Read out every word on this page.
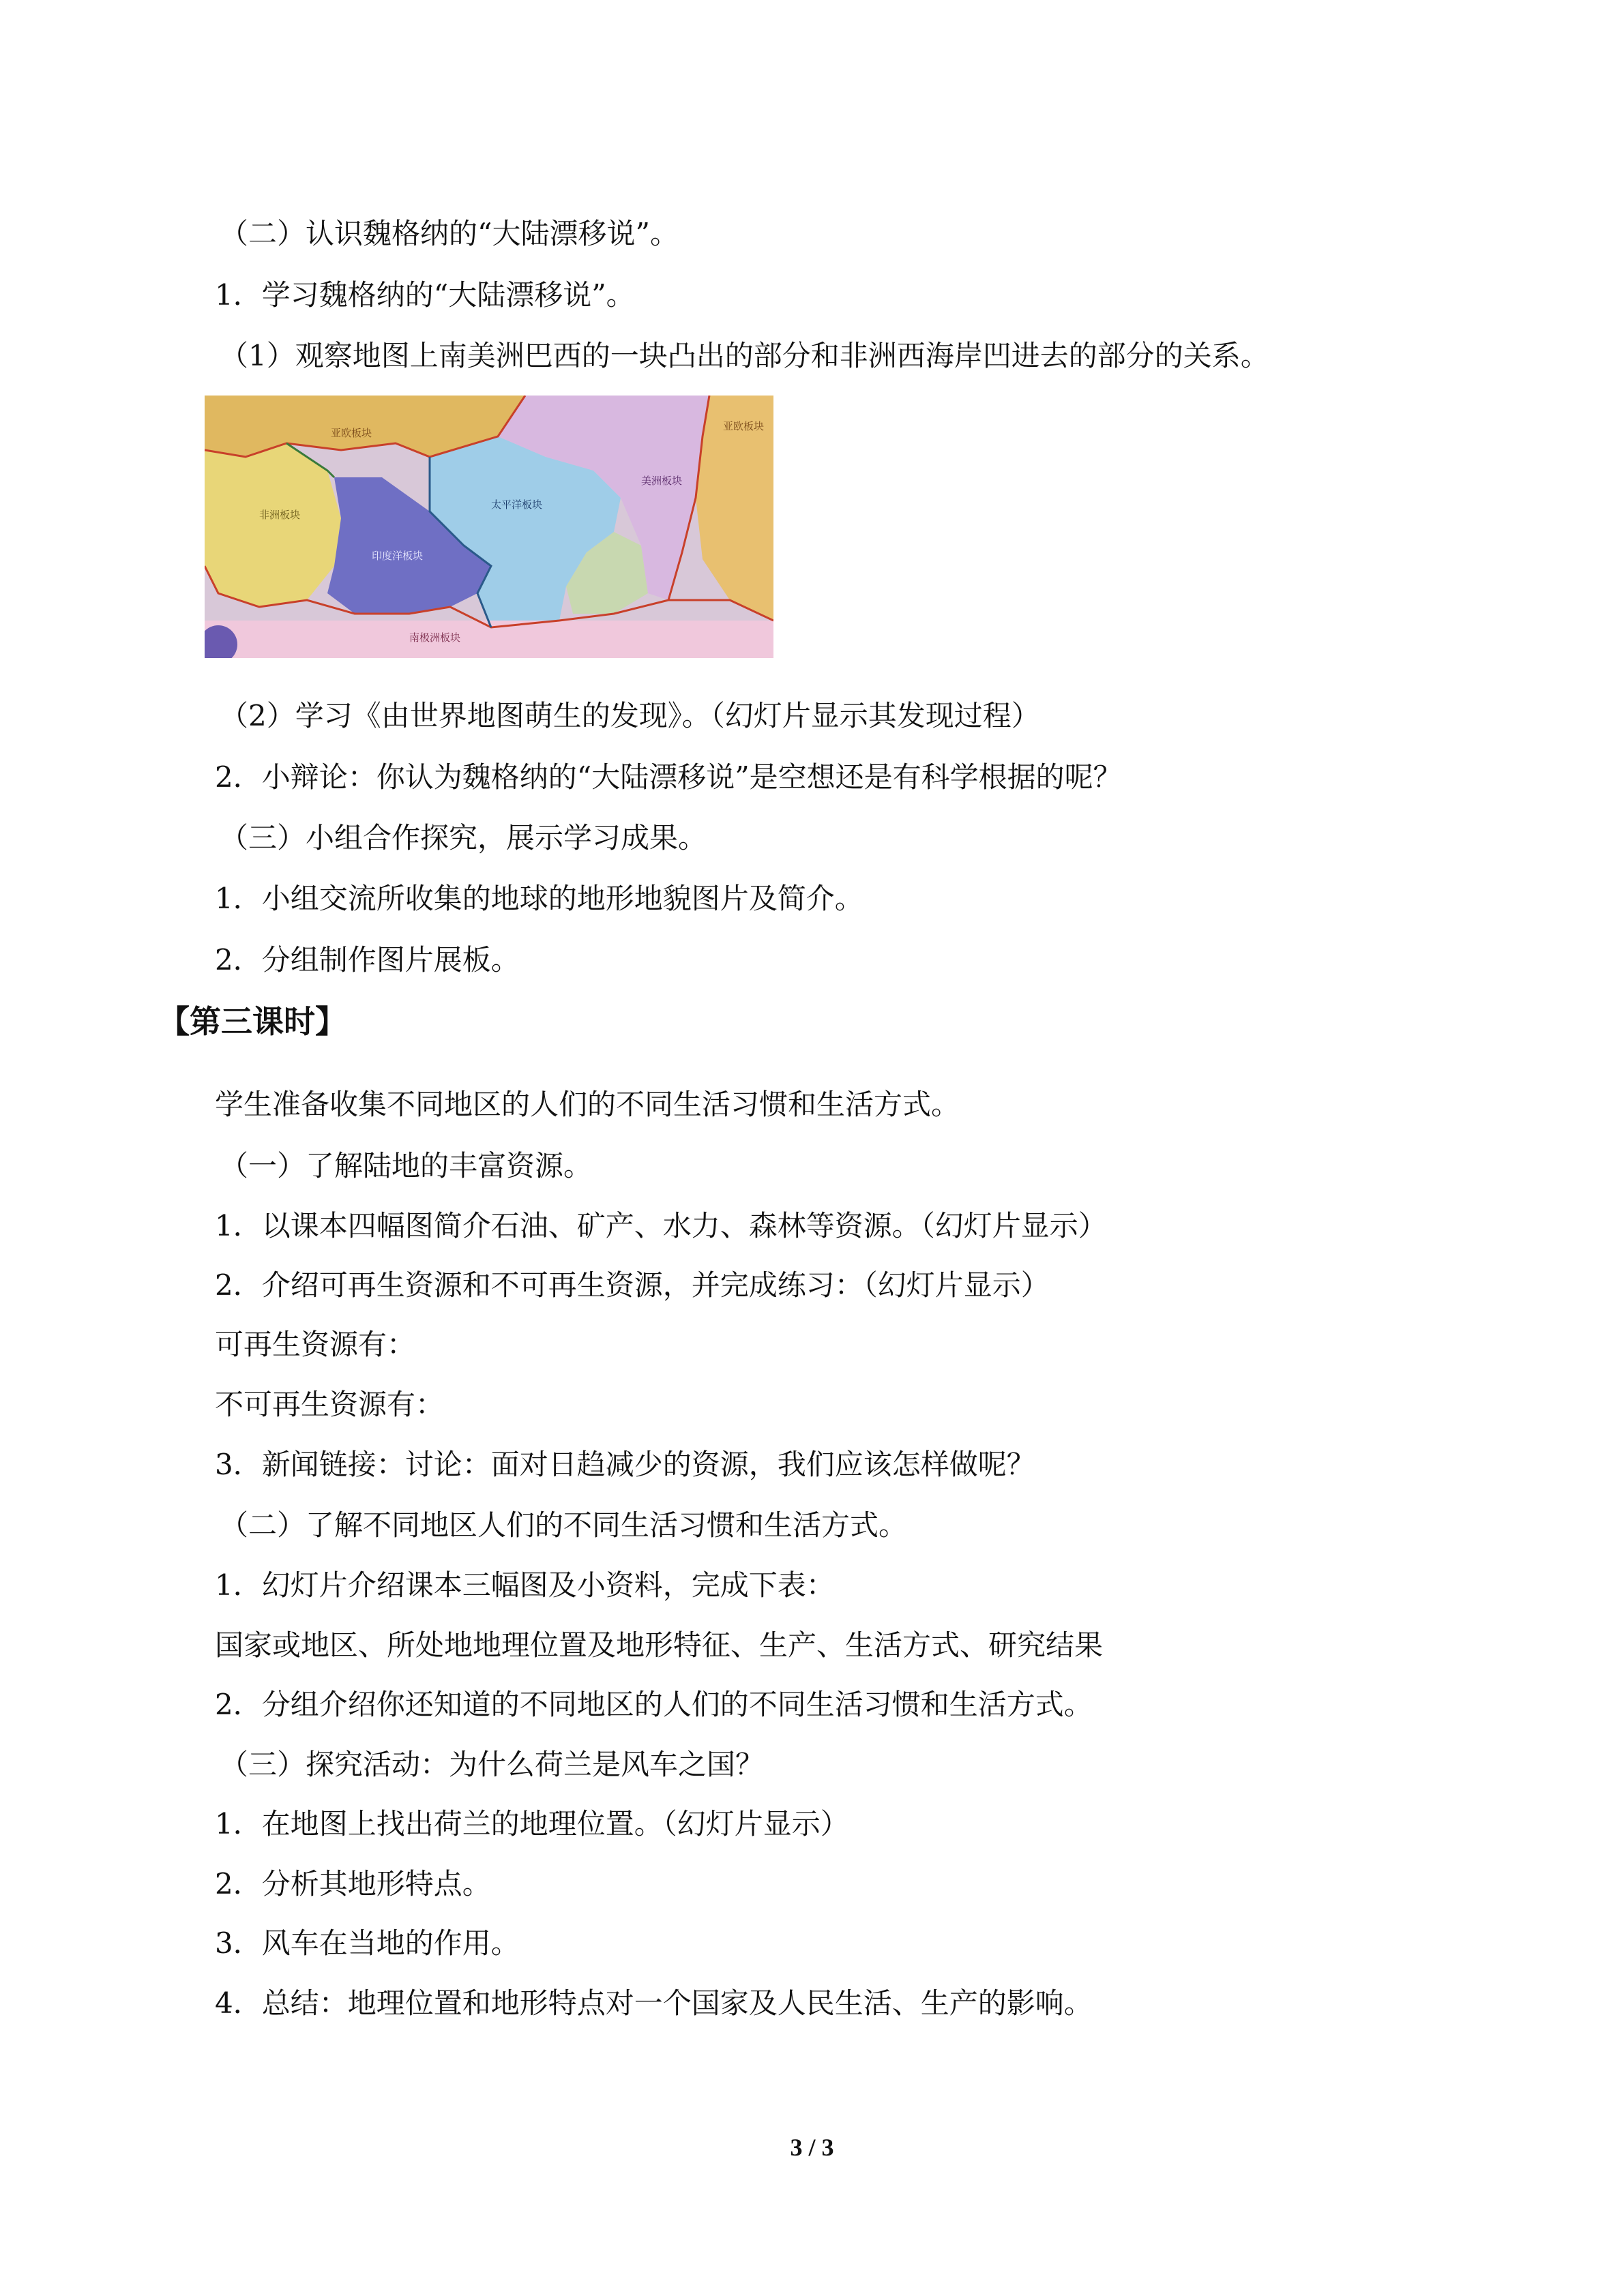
（二）认识魏格纳的“大陆漂移说”。
1．学习魏格纳的“大陆漂移说”。
（1）观察地图上南美洲巴西的一块凸出的部分和非洲西海岸凹进去的部分的关系。
亚欧板块
非洲板块
印度洋板块
太平洋板块
美洲板块
南极洲板块
亚欧板块
（2）学习《由世界地图萌生的发现》。（幻灯片显示其发现过程）
2．小辩论：你认为魏格纳的“大陆漂移说”是空想还是有科学根据的呢？
（三）小组合作探究，展示学习成果。
1．小组交流所收集的地球的地形地貌图片及简介。
2．分组制作图片展板。
【第三课时】
学生准备收集不同地区的人们的不同生活习惯和生活方式。
（一）了解陆地的丰富资源。
1．以课本四幅图简介石油、矿产、水力、森林等资源。（幻灯片显示）
2．介绍可再生资源和不可再生资源，并完成练习：（幻灯片显示）
可再生资源有：
不可再生资源有：
3．新闻链接：讨论：面对日趋减少的资源，我们应该怎样做呢？
（二）了解不同地区人们的不同生活习惯和生活方式。
1．幻灯片介绍课本三幅图及小资料，完成下表：
国家或地区、所处地地理位置及地形特征、生产、生活方式、研究结果
2．分组介绍你还知道的不同地区的人们的不同生活习惯和生活方式。
（三）探究活动：为什么荷兰是风车之国？
1．在地图上找出荷兰的地理位置。（幻灯片显示）
2．分析其地形特点。
3．风车在当地的作用。
4．总结：地理位置和地形特点对一个国家及人民生活、生产的影响。
3 / 3
